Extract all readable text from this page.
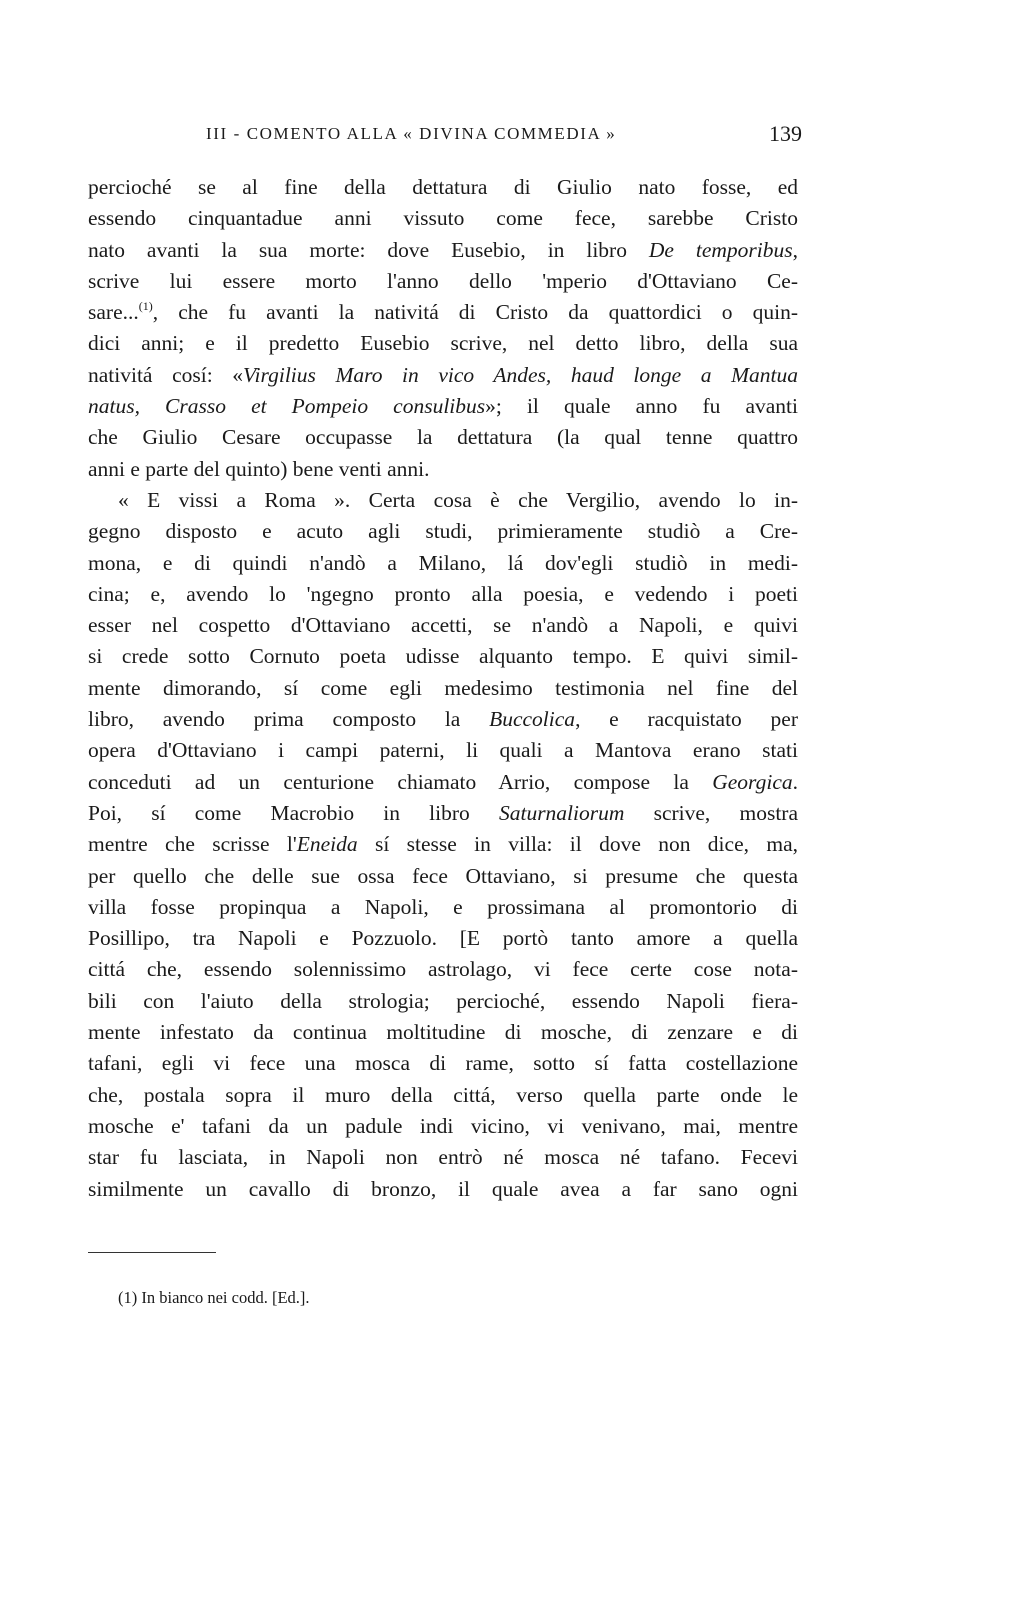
III - COMENTO ALLA « DIVINA COMMEDIA »	139
percioché se al fine della dettatura di Giulio nato fosse, ed
essendo cinquantadue anni vissuto come fece, sarebbe Cristo
nato avanti la sua morte: dove Eusebio, in libro De temporibus,
scrive lui essere morto l'anno dello 'mperio d'Ottaviano Ce-
sare...$^{(1)}$, che fu avanti la nativitá di Cristo da quattordici o quin-
dici anni; e il predetto Eusebio scrive, nel detto libro, della sua
nativitá cosí: «Virgilius Maro in vico Andes, haud longe a Mantua
natus, Crasso et Pompeio consulibus»; il quale anno fu avanti
che Giulio Cesare occupasse la dettatura (la qual tenne quattro
anni e parte del quinto) bene venti anni.
« E vissi a Roma ». Certa cosa è che Vergilio, avendo lo in-
gegno disposto e acuto agli studi, primieramente studiò a Cre-
mona, e di quindi n'andò a Milano, lá dov'egli studiò in medi-
cina; e, avendo lo 'ngegno pronto alla poesia, e vedendo i poeti
esser nel cospetto d'Ottaviano accetti, se n'andò a Napoli, e quivi
si crede sotto Cornuto poeta udisse alquanto tempo. E quivi simil-
mente dimorando, sí come egli medesimo testimonia nel fine del
libro, avendo prima composto la Buccolica, e racquistato per
opera d'Ottaviano i campi paterni, li quali a Mantova erano stati
conceduti ad un centurione chiamato Arrio, compose la Georgica.
Poi, sí come Macrobio in libro Saturnaliorum scrive, mostra
mentre che scrisse l'Eneida sí stesse in villa: il dove non dice, ma,
per quello che delle sue ossa fece Ottaviano, si presume che questa
villa fosse propinqua a Napoli, e prossimana al promontorio di
Posillipo, tra Napoli e Pozzuolo. [E portò tanto amore a quella
cittá che, essendo solennissimo astrolago, vi fece certe cose nota-
bili con l'aiuto della strologia; percioché, essendo Napoli fiera-
mente infestato da continua moltitudine di mosche, di zenzare e di
tafani, egli vi fece una mosca di rame, sotto sí fatta costellazione
che, postala sopra il muro della cittá, verso quella parte onde le
mosche e' tafani da un padule indi vicino, vi venivano, mai, mentre
star fu lasciata, in Napoli non entrò né mosca né tafano. Fecevi
similmente un cavallo di bronzo, il quale avea a far sano ogni
(1) In bianco nei codd. [Ed.].
